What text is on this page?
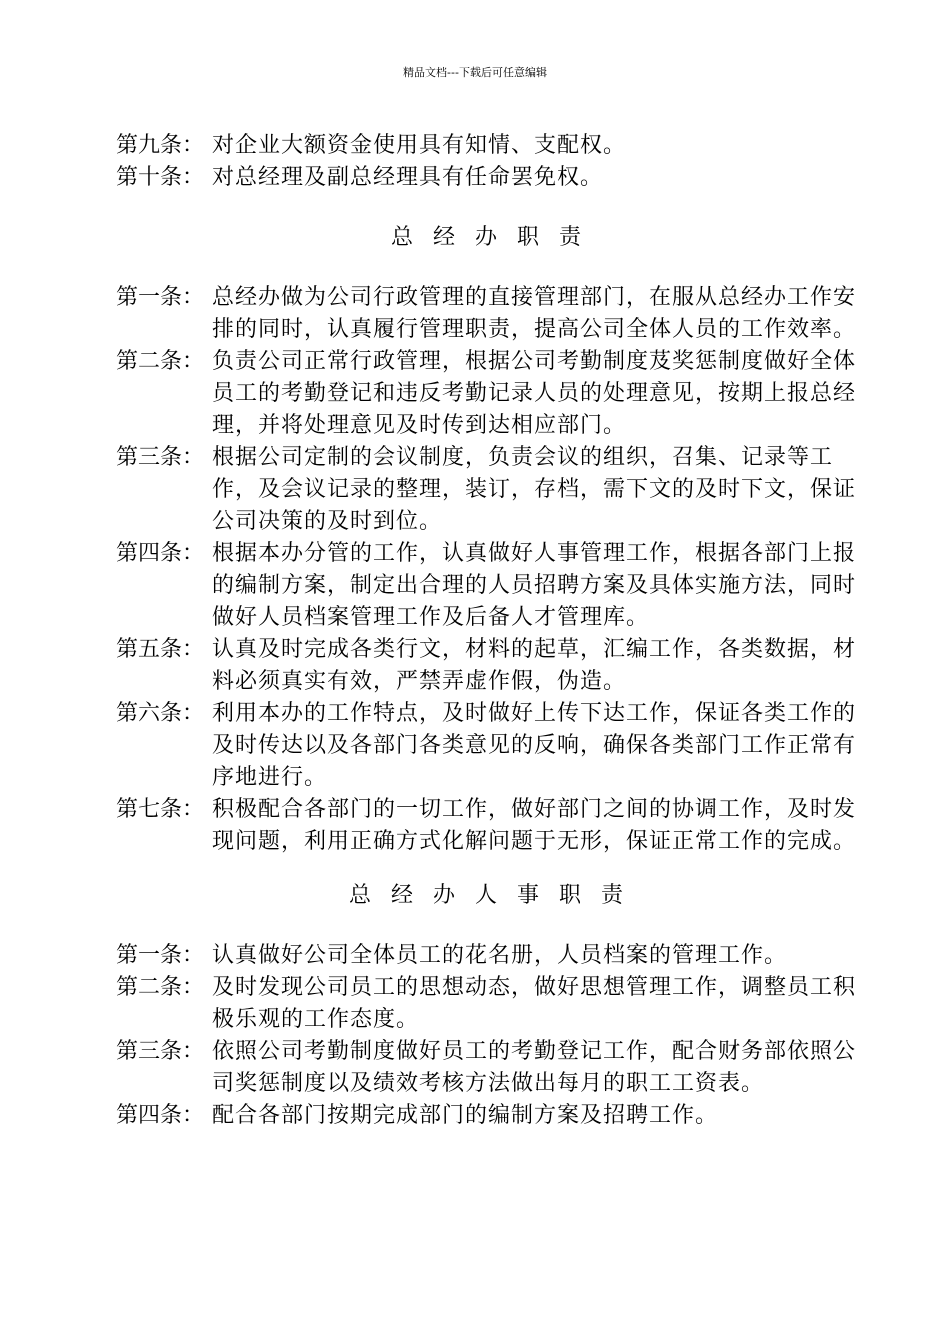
精品文档---下载后可任意编辑
第九条： 对企业大额资金使用具有知情、支配权。
第十条： 对总经理及副总经理具有任命罢免权。
总经办职责
第一条： 总经办做为公司行政管理的直接管理部门，在服从总经办工作安排的同时，认真履行管理职责，提高公司全体人员的工作效率。
第二条： 负责公司正常行政管理，根据公司考勤制度芨奖惩制度做好全体员工的考勤登记和违反考勤记录人员的处理意见，按期上报总经理，并将处理意见及时传到达相应部门。
第三条： 根据公司定制的会议制度，负责会议的组织，召集、记录等工作，及会议记录的整理，装订，存档，需下文的及时下文，保证公司决策的及时到位。
第四条： 根据本办分管的工作，认真做好人事管理工作，根据各部门上报的编制方案，制定出合理的人员招聘方案及具体实施方法，同时做好人员档案管理工作及后备人才管理库。
第五条： 认真及时完成各类行文，材料的起草，汇编工作，各类数据，材料必须真实有效，严禁弄虚作假，伪造。
第六条： 利用本办的工作特点，及时做好上传下达工作，保证各类工作的及时传达以及各部门各类意见的反响，确保各类部门工作正常有序地进行。
第七条： 积极配合各部门的一切工作，做好部门之间的协调工作，及时发现问题，利用正确方式化解问题于无形，保证正常工作的完成。
总经办人事职责
第一条： 认真做好公司全体员工的花名册，人员档案的管理工作。
第二条： 及时发现公司员工的思想动态，做好思想管理工作，调整员工积极乐观的工作态度。
第三条： 依照公司考勤制度做好员工的考勤登记工作，配合财务部依照公司奖惩制度以及绩效考核方法做出每月的职工工资表。
第四条： 配合各部门按期完成部门的编制方案及招聘工作。
